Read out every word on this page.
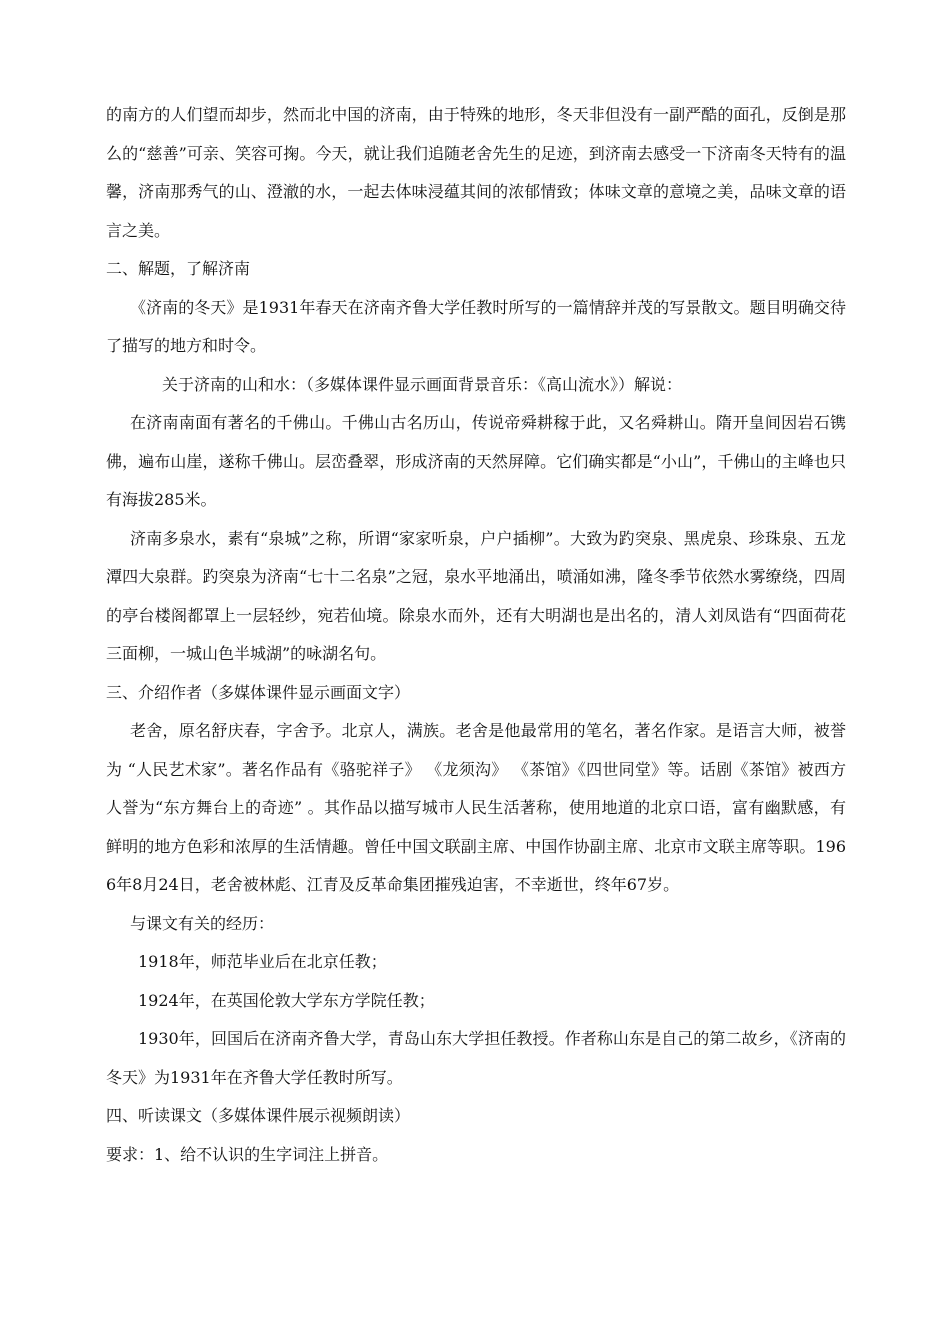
的南方的人们望而却步，然而北中国的济南，由于特殊的地形，冬天非但没有一副严酷的面孔，反倒是那么的“慈善”可亲、笑容可掬。今天，就让我们追随老舍先生的足迹，到济南去感受一下济南冬天特有的温馨，济南那秀气的山、澄澈的水，一起去体味浸蕴其间的浓郁情致；体味文章的意境之美，品味文章的语言之美。

二、解题，了解济南

《济南的冬天》是1931年春天在济南齐鲁大学任教时所写的一篇情辞并茂的写景散文。题目明确交待了描写的地方和时令。

关于济南的山和水：（多媒体课件显示画面背景音乐：《高山流水》）解说：

在济南南面有著名的千佛山。千佛山古名历山，传说帝舜耕稼于此，又名舜耕山。隋开皇间因岩石镌佛，遍布山崖，遂称千佛山。层峦叠翠，形成济南的天然屏障。它们确实都是“小山”，千佛山的主峰也只有海拔285米。

济南多泉水，素有“泉城”之称，所谓“家家听泉，户户插柳”。大致为趵突泉、黑虎泉、珍珠泉、五龙潭四大泉群。趵突泉为济南“七十二名泉”之冠，泉水平地涌出，喷涌如沸，隆冬季节依然水雾缭绕，四周的亭台楼阁都罩上一层轻纱，宛若仙境。除泉水而外，还有大明湖也是出名的，清人刘凤诰有“四面荷花三面柳，一城山色半城湖”的咏湖名句。

三、介绍作者（多媒体课件显示画面文字）

老舍，原名舒庆春，字舍予。北京人，满族。老舍是他最常用的笔名，著名作家。是语言大师，被誉为 “人民艺术家”。著名作品有《骆驼祥子》 《龙须沟》 《茶馆》《四世同堂》等。话剧《茶馆》被西方人誉为“东方舞台上的奇迹” 。其作品以描写城市人民生活著称，使用地道的北京口语，富有幽默感，有鲜明的地方色彩和浓厚的生活情趣。曾任中国文联副主席、中国作协副主席、北京市文联主席等职。1966年8月24日，老舍被林彪、江青及反革命集团摧残迫害，不幸逝世，终年67岁。

与课文有关的经历：

1918年，师范毕业后在北京任教；

1924年，在英国伦敦大学东方学院任教；

1930年，回国后在济南齐鲁大学，青岛山东大学担任教授。作者称山东是自己的第二故乡，《济南的冬天》为1931年在齐鲁大学任教时所写。

四、听读课文（多媒体课件展示视频朗读）

要求：1、给不认识的生字词注上拼音。
